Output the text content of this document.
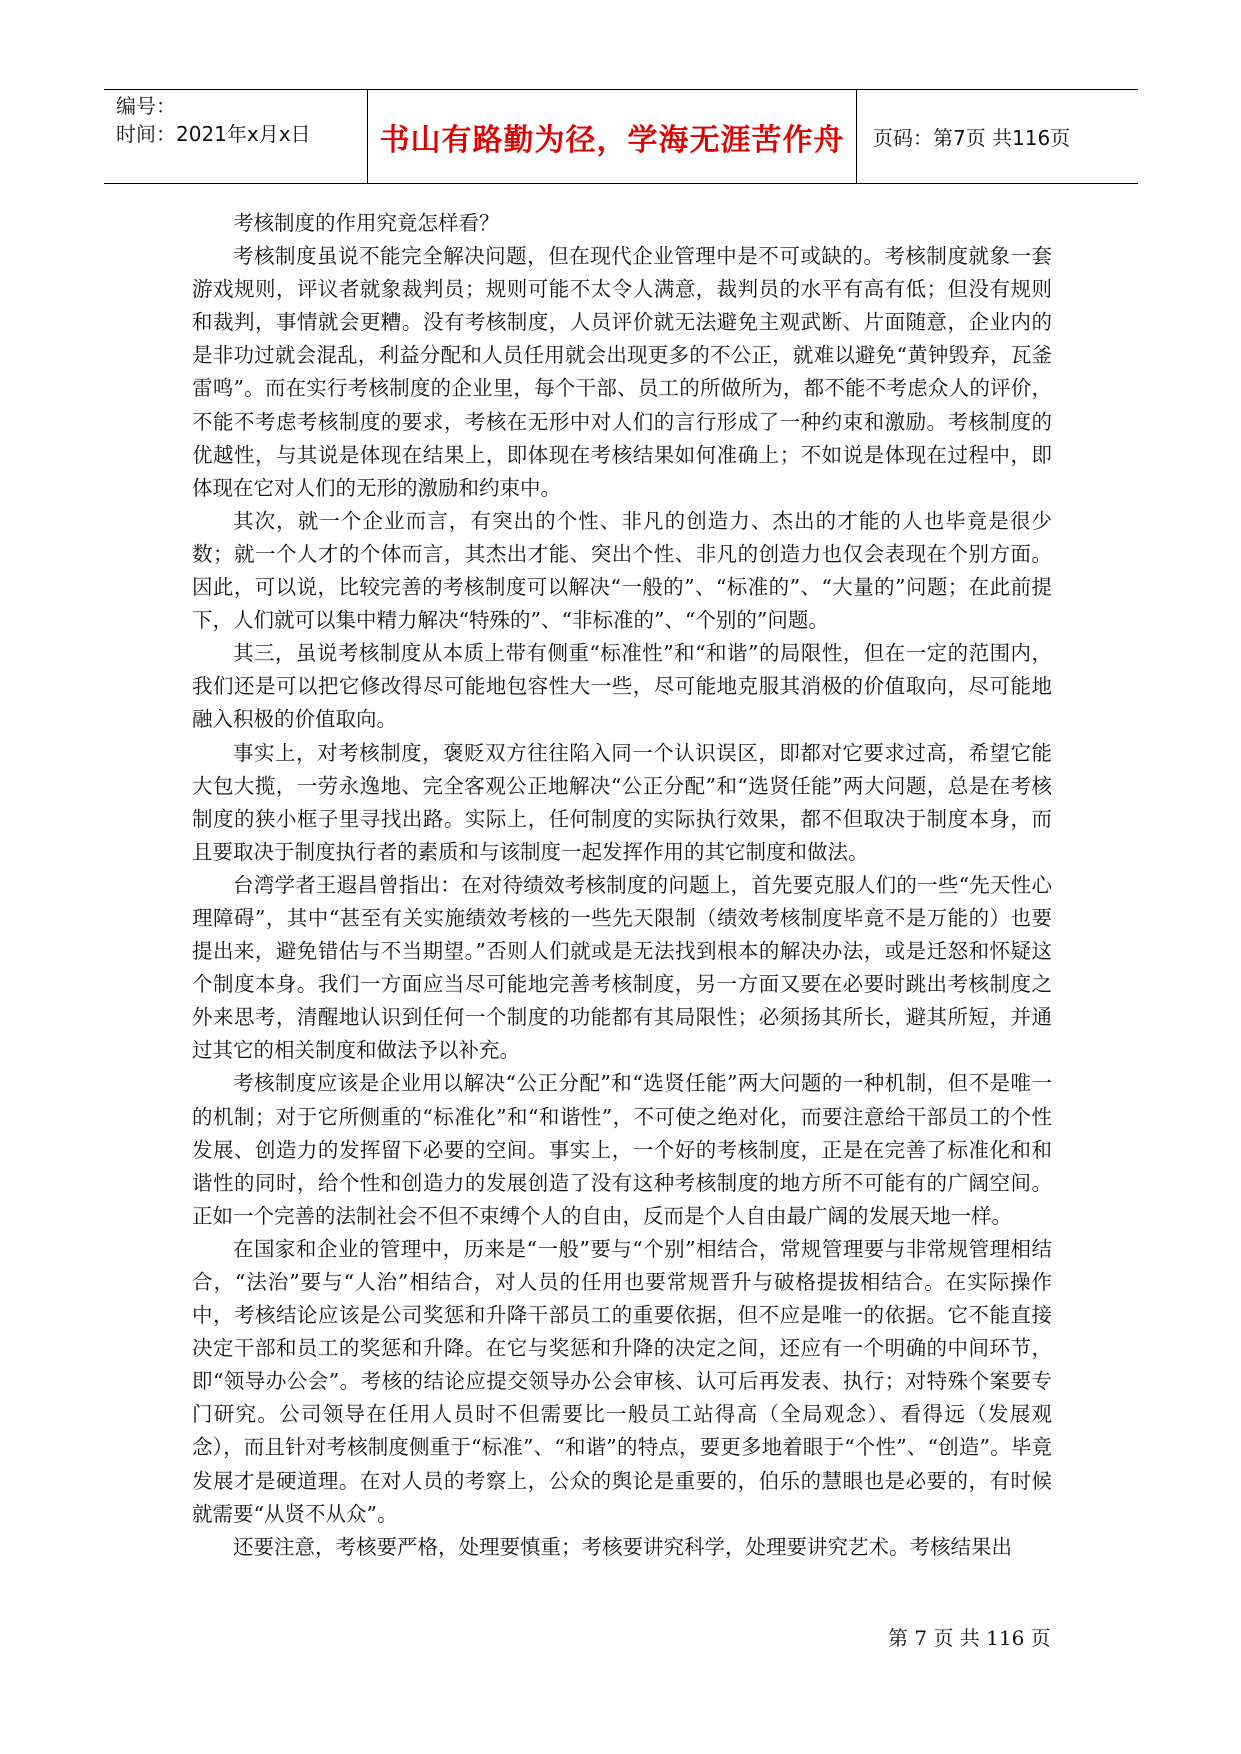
编号：
时间：2021年x月x日	书山有路勤为径，学海无涯苦作舟	页码：第7页 共116页

考核制度的作用究竟怎样看？

考核制度虽说不能完全解决问题，但在现代企业管理中是不可或缺的。考核制度就象一套游戏规则，评议者就象裁判员；规则可能不太令人满意，裁判员的水平有高有低；但没有规则和裁判，事情就会更糟。没有考核制度，人员评价就无法避免主观武断、片面随意，企业内的是非功过就会混乱，利益分配和人员任用就会出现更多的不公正，就难以避免“黄钟毁弃，瓦釜雷鸣”。而在实行考核制度的企业里，每个干部、员工的所做所为，都不能不考虑众人的评价，不能不考虑考核制度的要求，考核在无形中对人们的言行形成了一种约束和激励。考核制度的优越性，与其说是体现在结果上，即体现在考核结果如何准确上；不如说是体现在过程中，即体现在它对人们的无形的激励和约束中。

其次，就一个企业而言，有突出的个性、非凡的创造力、杰出的才能的人也毕竟是很少数；就一个人才的个体而言，其杰出才能、突出个性、非凡的创造力也仅会表现在个别方面。因此，可以说，比较完善的考核制度可以解决“一般的”、“标准的”、“大量的”问题；在此前提下，人们就可以集中精力解决“特殊的”、“非标准的”、“个别的”问题。

其三，虽说考核制度从本质上带有侧重“标准性”和“和谐”的局限性，但在一定的范围内，我们还是可以把它修改得尽可能地包容性大一些，尽可能地克服其消极的价值取向，尽可能地融入积极的价值取向。

事实上，对考核制度，褒贬双方往往陷入同一个认识误区，即都对它要求过高，希望它能大包大揽，一劳永逸地、完全客观公正地解决“公正分配”和“选贤任能”两大问题，总是在考核制度的狭小框子里寻找出路。实际上，任何制度的实际执行效果，都不但取决于制度本身，而且要取决于制度执行者的素质和与该制度一起发挥作用的其它制度和做法。

台湾学者王遐昌曾指出：在对待绩效考核制度的问题上，首先要克服人们的一些“先天性心理障碍”，其中“甚至有关实施绩效考核的一些先天限制（绩效考核制度毕竟不是万能的）也要提出来，避免错估与不当期望。”否则人们就或是无法找到根本的解决办法，或是迁怒和怀疑这个制度本身。我们一方面应当尽可能地完善考核制度，另一方面又要在必要时跳出考核制度之外来思考，清醒地认识到任何一个制度的功能都有其局限性；必须扬其所长，避其所短，并通过其它的相关制度和做法予以补充。

考核制度应该是企业用以解决“公正分配”和“选贤任能”两大问题的一种机制，但不是唯一的机制；对于它所侧重的“标准化”和“和谐性”，不可使之绝对化，而要注意给干部员工的个性发展、创造力的发挥留下必要的空间。事实上，一个好的考核制度，正是在完善了标准化和和谐性的同时，给个性和创造力的发展创造了没有这种考核制度的地方所不可能有的广阔空间。正如一个完善的法制社会不但不束缚个人的自由，反而是个人自由最广阔的发展天地一样。

在国家和企业的管理中，历来是“一般”要与“个别”相结合，常规管理要与非常规管理相结合，“法治”要与“人治”相结合，对人员的任用也要常规晋升与破格提拔相结合。在实际操作中，考核结论应该是公司奖惩和升降干部员工的重要依据，但不应是唯一的依据。它不能直接决定干部和员工的奖惩和升降。在它与奖惩和升降的决定之间，还应有一个明确的中间环节，即“领导办公会”。考核的结论应提交领导办公会审核、认可后再发表、执行；对特殊个案要专门研究。公司领导在任用人员时不但需要比一般员工站得高（全局观念）、看得远（发展观念），而且针对考核制度侧重于“标准”、“和谐”的特点，要更多地着眼于“个性”、“创造”。毕竟发展才是硬道理。在对人员的考察上，公众的舆论是重要的，伯乐的慧眼也是必要的，有时候就需要“从贤不从众”。

还要注意，考核要严格，处理要慎重；考核要讲究科学，处理要讲究艺术。考核结果出

第 7 页 共 116 页
